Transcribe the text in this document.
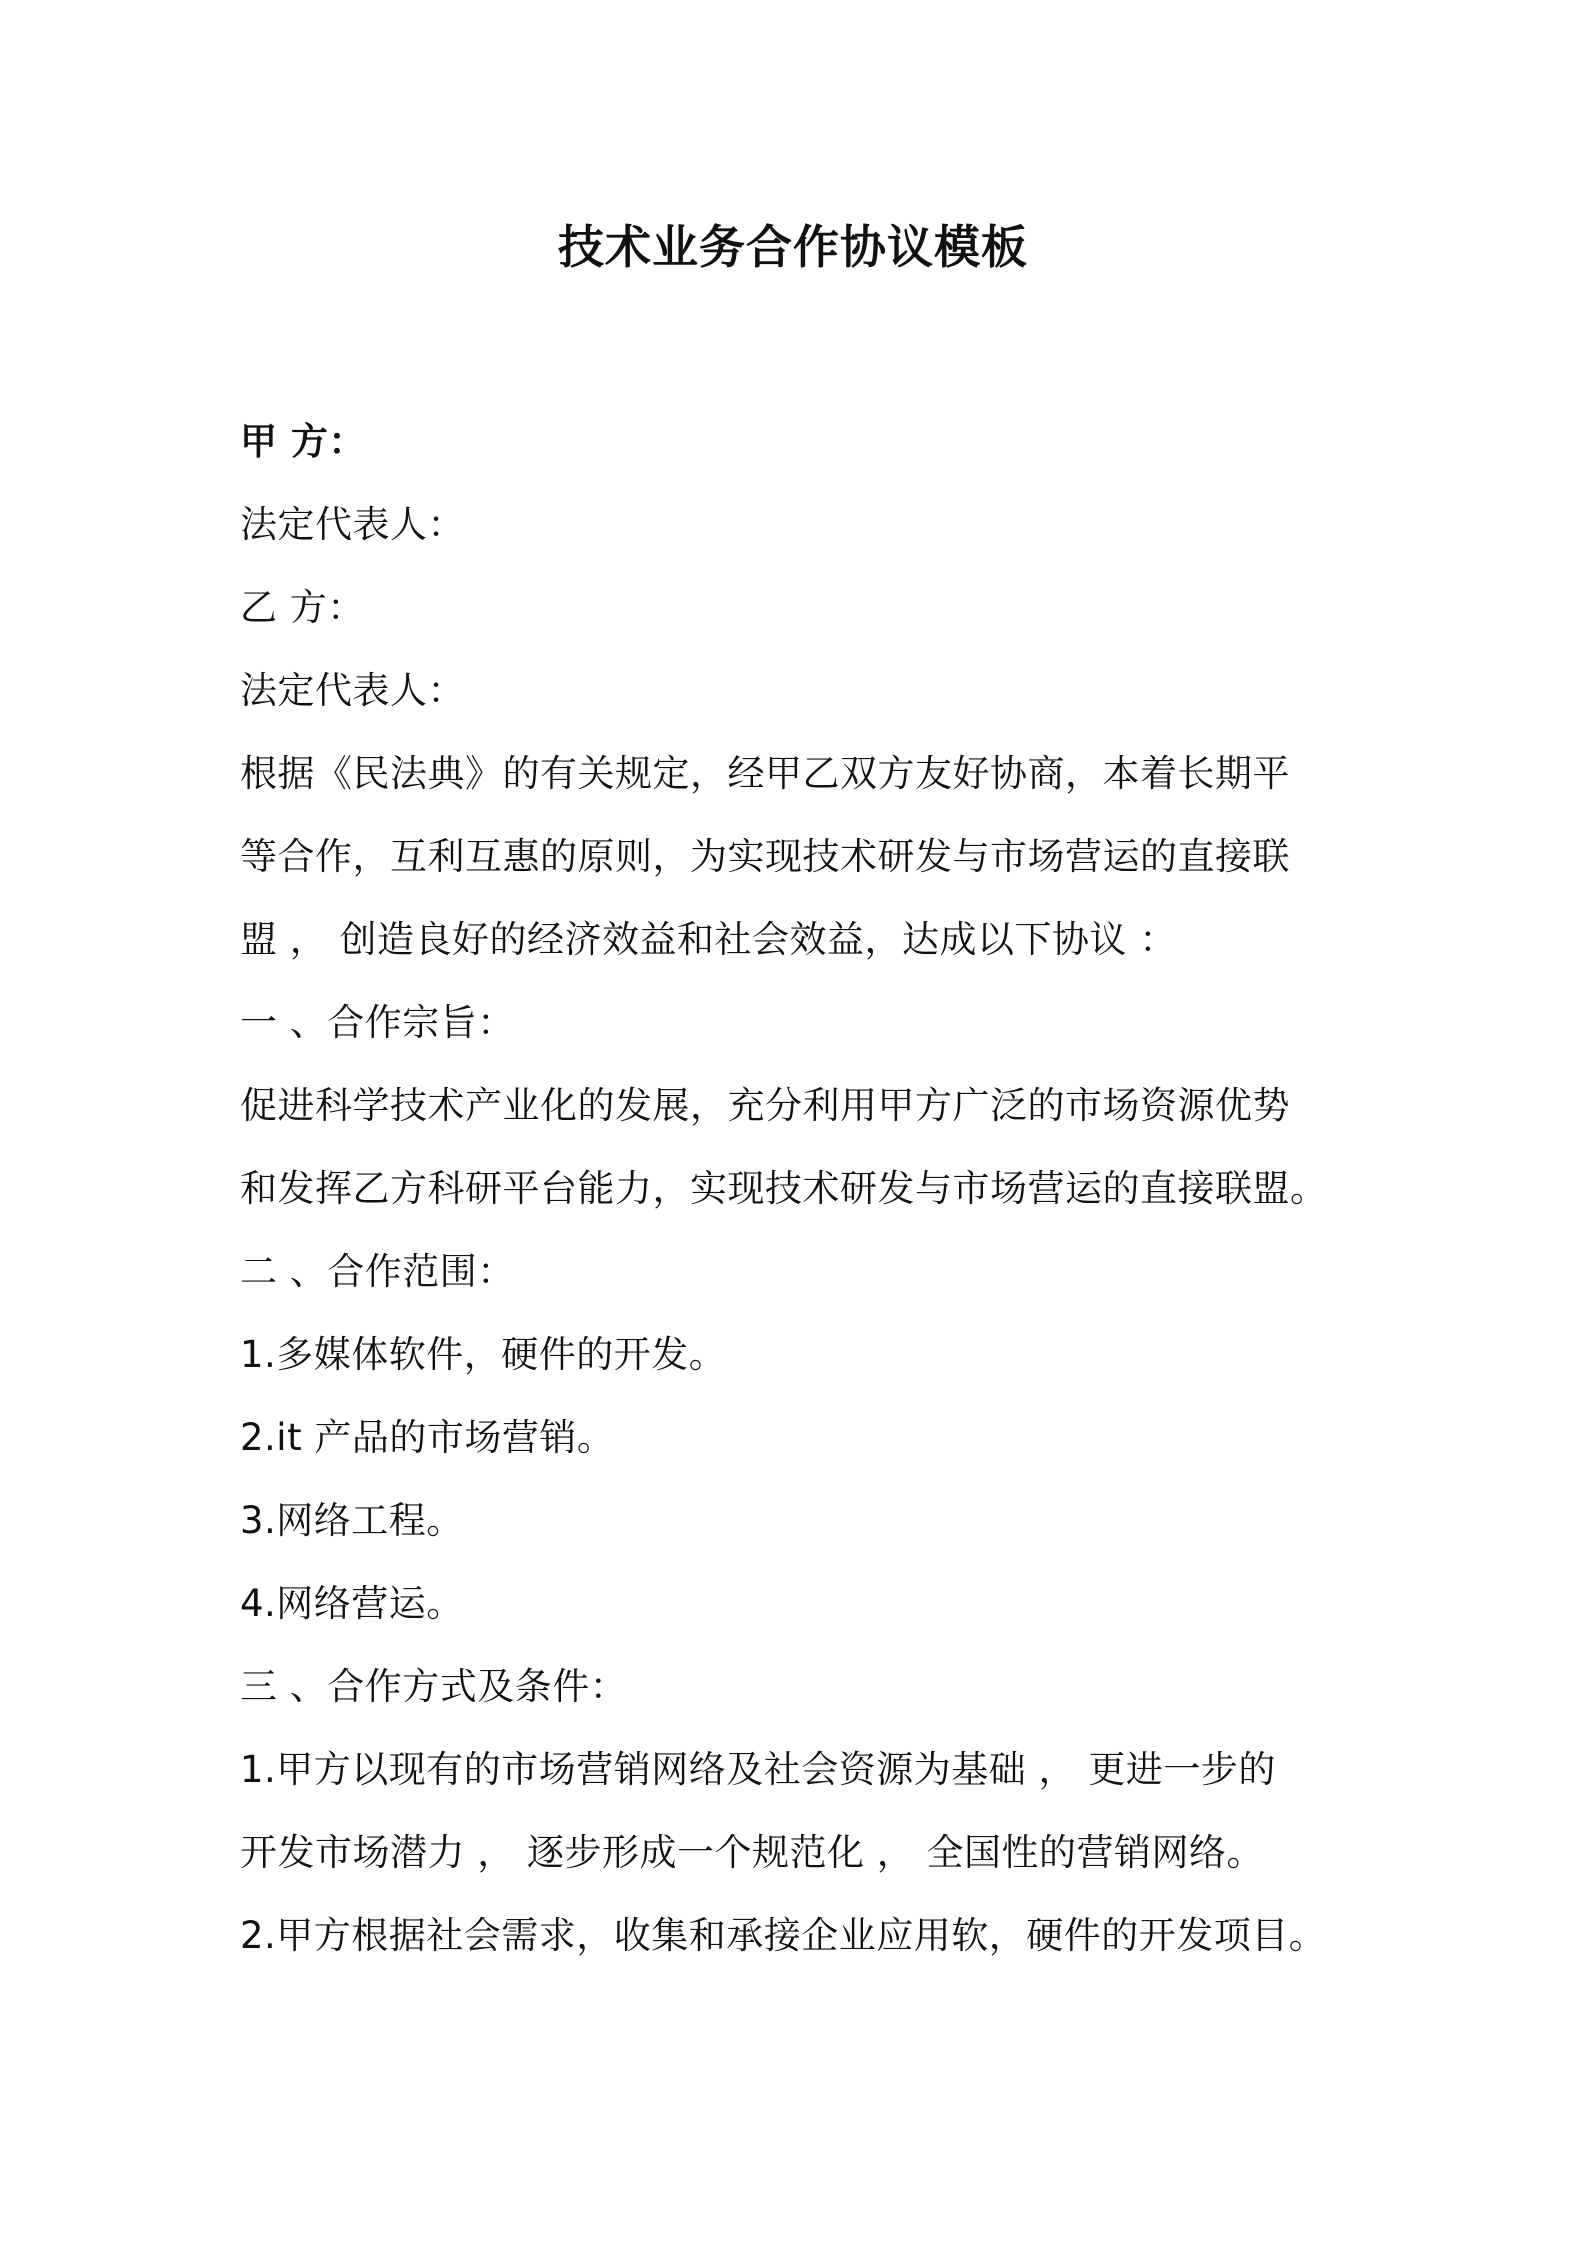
技术业务合作协议模板
甲 方：
法定代表人：
乙 方：
法定代表人：
根据《民法典》的有关规定，经甲乙双方友好协商，本着长期平
等合作，互利互惠的原则，为实现技术研发与市场营运的直接联
盟 ， 创造良好的经济效益和社会效益，达成以下协议 ：
一 、合作宗旨：
促进科学技术产业化的发展，充分利用甲方广泛的市场资源优势
和发挥乙方科研平台能力，实现技术研发与市场营运的直接联盟。
二 、合作范围：
1.多媒体软件，硬件的开发。
2.it 产品的市场营销。
3.网络工程。
4.网络营运。
三 、合作方式及条件：
1.甲方以现有的市场营销网络及社会资源为基础 ， 更进一步的
开发市场潜力 ， 逐步形成一个规范化 ， 全国性的营销网络。
2.甲方根据社会需求，收集和承接企业应用软，硬件的开发项目。
